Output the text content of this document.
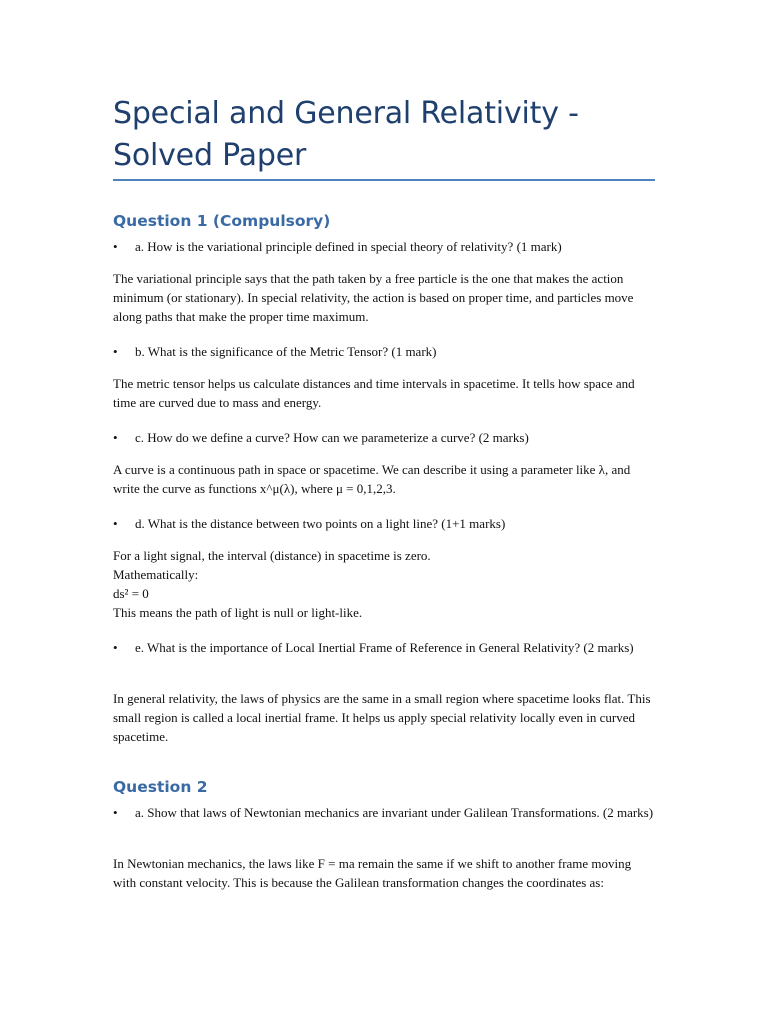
Special and General Relativity - Solved Paper
Question 1 (Compulsory)
• a. How is the variational principle defined in special theory of relativity? (1 mark)
The variational principle says that the path taken by a free particle is the one that makes the action minimum (or stationary). In special relativity, the action is based on proper time, and particles move along paths that make the proper time maximum.
• b. What is the significance of the Metric Tensor? (1 mark)
The metric tensor helps us calculate distances and time intervals in spacetime. It tells how space and time are curved due to mass and energy.
• c. How do we define a curve? How can we parameterize a curve? (2 marks)
A curve is a continuous path in space or spacetime. We can describe it using a parameter like λ, and write the curve as functions x^μ(λ), where μ = 0,1,2,3.
• d. What is the distance between two points on a light line? (1+1 marks)

For a light signal, the interval (distance) in spacetime is zero.

Mathematically:

ds² = 0

This means the path of light is null or light-like.

• e. What is the importance of Local Inertial Frame of Reference in General Relativity? (2 marks)
In general relativity, the laws of physics are the same in a small region where spacetime looks flat. This small region is called a local inertial frame. It helps us apply special relativity locally even in curved spacetime.
Question 2
• a. Show that laws of Newtonian mechanics are invariant under Galilean Transformations. (2 marks)
In Newtonian mechanics, the laws like F = ma remain the same if we shift to another frame moving with constant velocity. This is because the Galilean transformation changes the coordinates as:
